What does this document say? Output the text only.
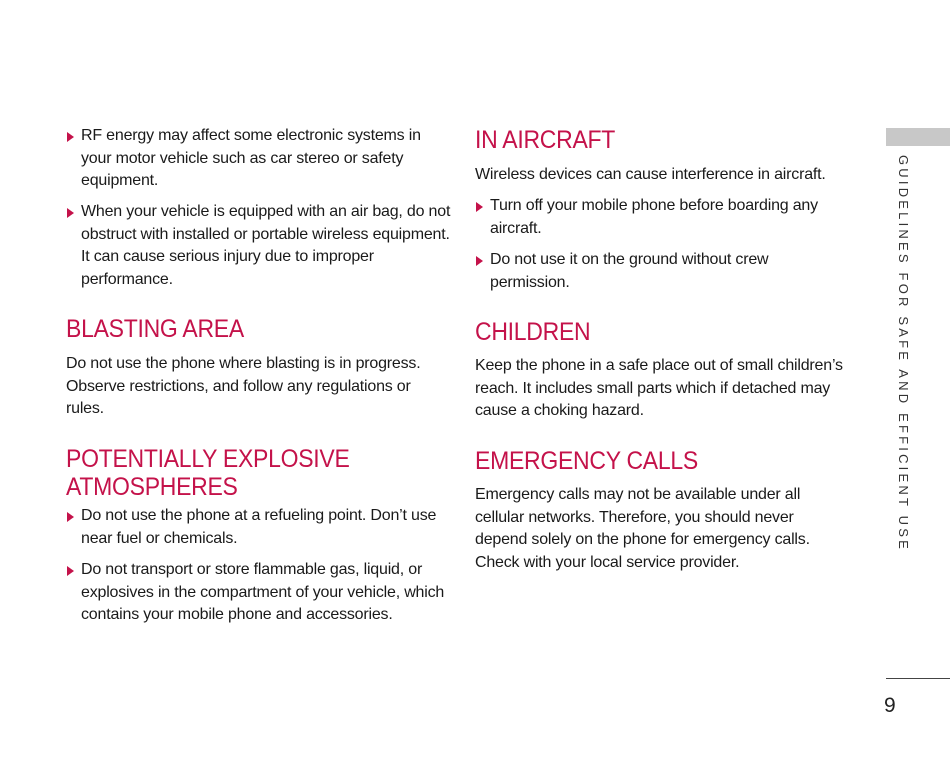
RF energy may affect some electronic systems in your motor vehicle such as car stereo or safety equipment.
When your vehicle is equipped with an air bag, do not obstruct with installed or portable wireless equipment. It can cause serious injury due to improper performance.
BLASTING AREA

Do not use the phone where blasting is in progress. Observe restrictions, and follow any regulations or rules.

POTENTIALLY EXPLOSIVE
ATMOSPHERES
Do not use the phone at a refueling point. Don’t use near fuel or chemicals.
Do not transport or store flammable gas, liquid, or explosives in the compartment of your vehicle, which contains your mobile phone and accessories.
IN AIRCRAFT

Wireless devices can cause interference in aircraft.

Turn off your mobile phone before boarding any aircraft.
Do not use it on the ground without crew permission.
CHILDREN

Keep the phone in a safe place out of small children’s reach. It includes small parts which if detached may cause a choking hazard.

EMERGENCY CALLS

Emergency calls may not be available under all cellular networks. Therefore, you should never depend solely on the phone for emergency calls. Check with your local service provider.

GUIDELINES FOR SAFE AND EFFICIENT USE
9
